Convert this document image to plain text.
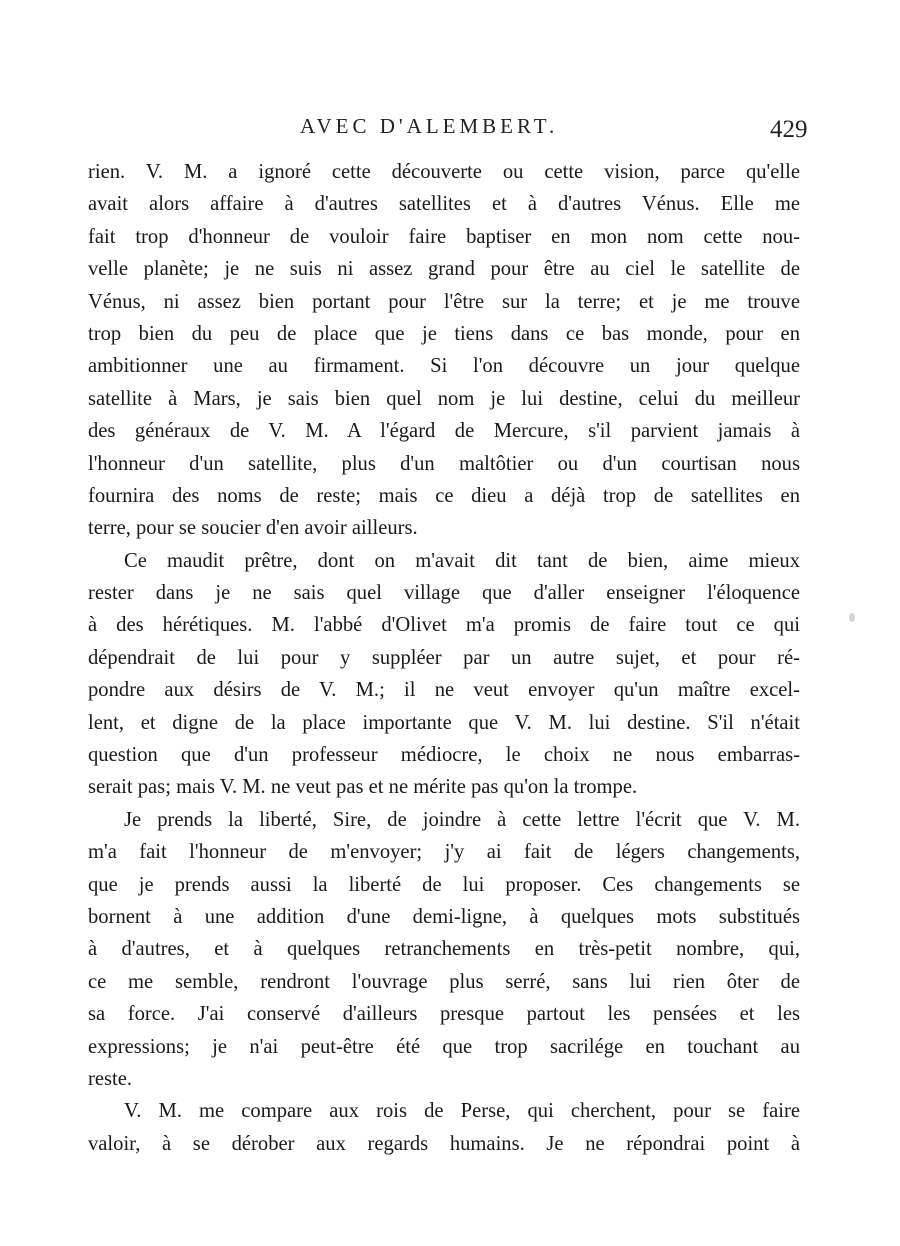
AVEC D'ALEMBERT.	429
rien. V. M. a ignoré cette découverte ou cette vision, parce qu'elle
avait alors affaire à d'autres satellites et à d'autres Vénus. Elle me
fait trop d'honneur de vouloir faire baptiser en mon nom cette nou-
velle planète; je ne suis ni assez grand pour être au ciel le satellite de
Vénus, ni assez bien portant pour l'être sur la terre; et je me trouve
trop bien du peu de place que je tiens dans ce bas monde, pour en
ambitionner une au firmament. Si l'on découvre un jour quelque
satellite à Mars, je sais bien quel nom je lui destine, celui du meilleur
des généraux de V. M. A l'égard de Mercure, s'il parvient jamais à
l'honneur d'un satellite, plus d'un maltôtier ou d'un courtisan nous
fournira des noms de reste; mais ce dieu a déjà trop de satellites en
terre, pour se soucier d'en avoir ailleurs.
Ce maudit prêtre, dont on m'avait dit tant de bien, aime mieux
rester dans je ne sais quel village que d'aller enseigner l'éloquence
à des hérétiques. M. l'abbé d'Olivet m'a promis de faire tout ce qui
dépendrait de lui pour y suppléer par un autre sujet, et pour ré-
pondre aux désirs de V. M.; il ne veut envoyer qu'un maître excel-
lent, et digne de la place importante que V. M. lui destine. S'il n'était
question que d'un professeur médiocre, le choix ne nous embarras-
serait pas; mais V. M. ne veut pas et ne mérite pas qu'on la trompe.
Je prends la liberté, Sire, de joindre à cette lettre l'écrit que V. M.
m'a fait l'honneur de m'envoyer; j'y ai fait de légers changements,
que je prends aussi la liberté de lui proposer. Ces changements se
bornent à une addition d'une demi-ligne, à quelques mots substitués
à d'autres, et à quelques retranchements en très-petit nombre, qui,
ce me semble, rendront l'ouvrage plus serré, sans lui rien ôter de
sa force. J'ai conservé d'ailleurs presque partout les pensées et les
expressions; je n'ai peut-être été que trop sacrilége en touchant au
reste.
V. M. me compare aux rois de Perse, qui cherchent, pour se faire
valoir, à se dérober aux regards humains. Je ne répondrai point à
